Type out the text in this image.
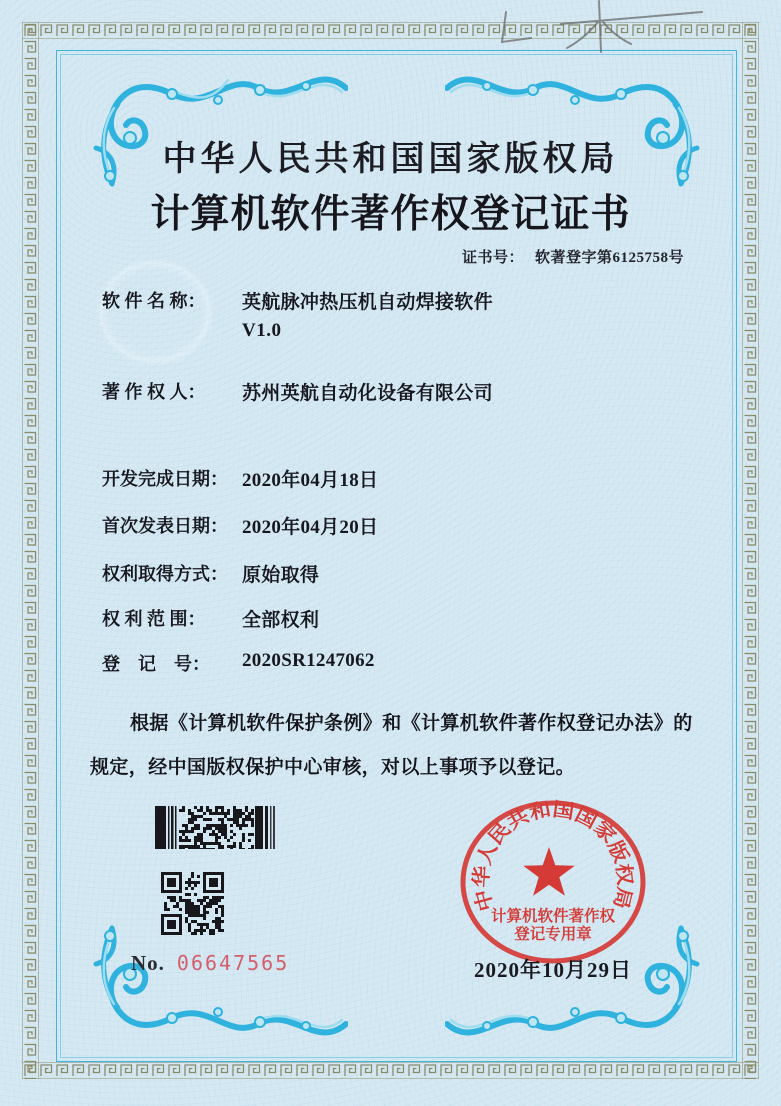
中华人民共和国国家版权局
计算机软件著作权登记证书
证书号： 软著登字第6125758号
软 件 名 称：	英航脉冲热压机自动焊接软件
V1.0
著 作 权 人：	苏州英航自动化设备有限公司
开发完成日期： 2020年04月18日
首次发表日期： 2020年04月20日
权利取得方式： 原始取得
权 利 范 围：	全部权利
登　记　号：	2020SR1247062
根据《计算机软件保护条例》和《计算机软件著作权登记办法》的
规定，经中国版权保护中心审核，对以上事项予以登记。
No. 06647565
中华人民共和国国家版权局
计算机软件著作权
登记专用章
2020年10月29日
